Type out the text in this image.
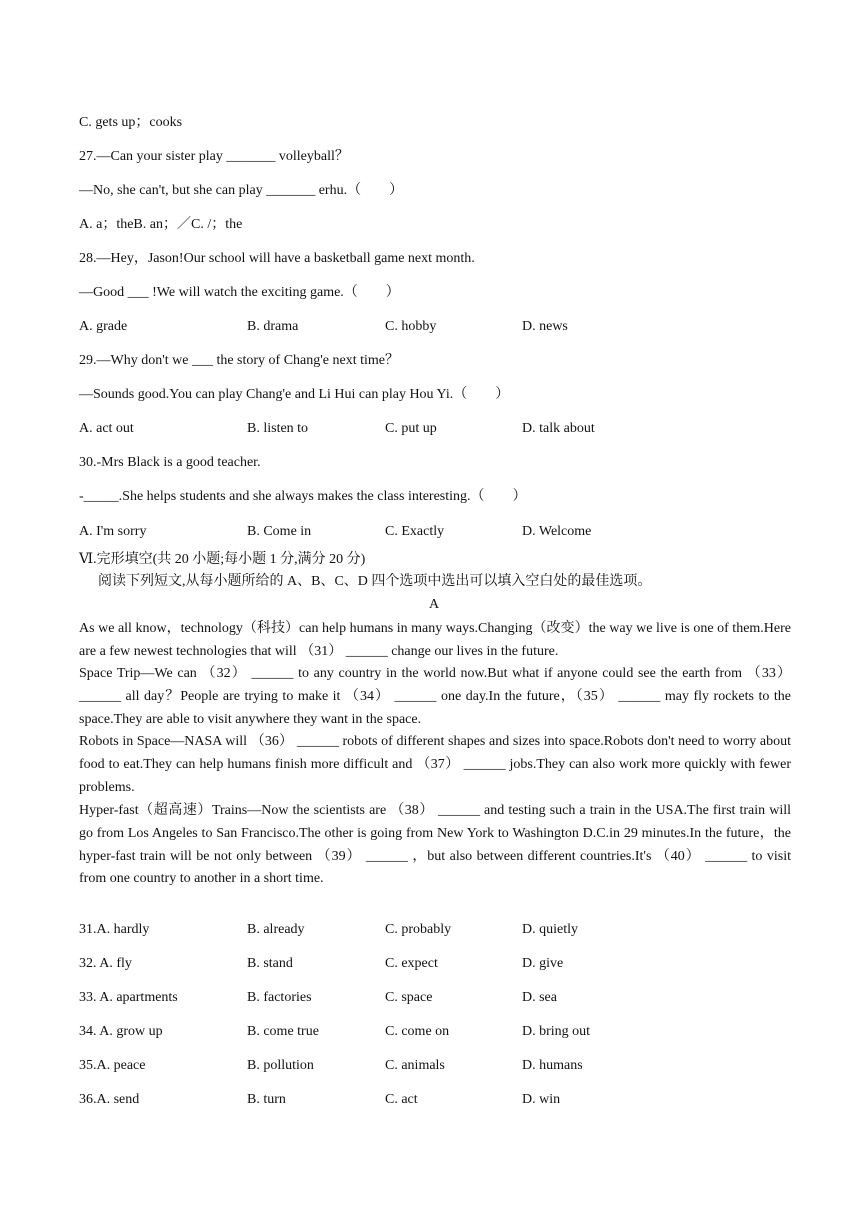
C. gets up；cooks
27.—Can your sister play _______ volleyball？
—No, she can't, but she can play _______ erhu.（　　）
A. a；theB. an；／C. /；the
28.—Hey，Jason!Our school will have a basketball game next month.
—Good ___ !We will watch the exciting game.（　　）
A. grade	B. drama	C. hobby	D. news
29.—Why don't we ___ the story of Chang'e next time？
—Sounds good.You can play Chang'e and Li Hui can play Hou Yi.（　　）
A. act out	B. listen to	C. put up	D. talk about
30.-Mrs Black is a good teacher.
-_____.She helps students and she always makes the class interesting.（　　）
A. I'm sorry	B. Come in	C. Exactly	D. Welcome
Ⅵ.完形填空(共 20 小题;每小题 1 分,满分 20 分)
阅读下列短文,从每小题所给的 A、B、C、D 四个选项中选出可以填入空白处的最佳选项。
A
As we all know，technology（科技）can help humans in many ways.Changing（改变）the way we live is one of them.Here are a few newest technologies that will （31） ______ change our lives in the future.
Space Trip—We can （32） ______ to any country in the world now.But what if anyone could see the earth from （33） ______ all day？People are trying to make it （34） ______ one day.In the future，（35） ______ may fly rockets to the space.They are able to visit anywhere they want in the space.
Robots in Space—NASA will （36） ______ robots of different shapes and sizes into space.Robots don't need to worry about food to eat.They can help humans finish more difficult and （37） ______ jobs.They can also work more quickly with fewer problems.
Hyper-fast（超高速）Trains—Now the scientists are （38） ______ and testing such a train in the USA.The first train will go from Los Angeles to San Francisco.The other is going from New York to Washington D.C.in 29 minutes.In the future，the hyper-fast train will be not only between （39） ______ ，but also between different countries.It's （40） ______ to visit from one country to another in a short time.
31.A. hardly	B. already	C. probably	D. quietly
32. A. fly	B. stand	C. expect	D. give
33. A. apartments	B. factories	C. space	D. sea
34. A. grow up	B. come true	C. come on	D. bring out
35.A. peace	B. pollution	C. animals	D. humans
36.A. send	B. turn	C. act	D. win
